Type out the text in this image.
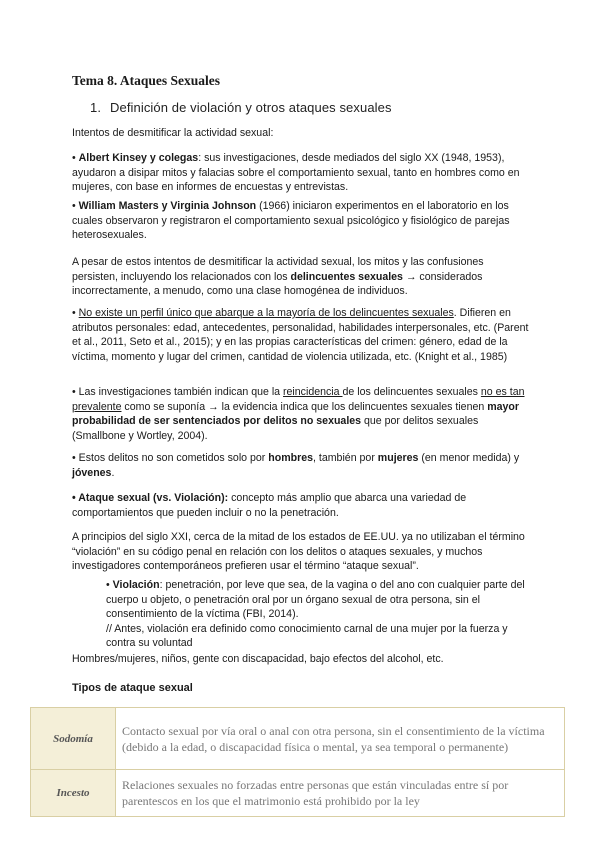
Tema 8. Ataques Sexuales
1. Definición de violación y otros ataques sexuales
Intentos de desmitificar la actividad sexual:
• Albert Kinsey y colegas: sus investigaciones, desde mediados del siglo XX (1948, 1953), ayudaron a disipar mitos y falacias sobre el comportamiento sexual, tanto en hombres como en mujeres, con base en informes de encuestas y entrevistas.
• William Masters y Virginia Johnson (1966) iniciaron experimentos en el laboratorio en los cuales observaron y registraron el comportamiento sexual psicológico y fisiológico de parejas heterosexuales.
A pesar de estos intentos de desmitificar la actividad sexual, los mitos y las confusiones persisten, incluyendo los relacionados con los delincuentes sexuales → considerados incorrectamente, a menudo, como una clase homogénea de individuos.
• No existe un perfil único que abarque a la mayoría de los delincuentes sexuales. Difieren en atributos personales: edad, antecedentes, personalidad, habilidades interpersonales, etc. (Parent et al., 2011, Seto et al., 2015); y en las propias características del crimen: género, edad de la víctima, momento y lugar del crimen, cantidad de violencia utilizada, etc. (Knight et al., 1985)
• Las investigaciones también indican que la reincidencia de los delincuentes sexuales no es tan prevalente como se suponía → la evidencia indica que los delincuentes sexuales tienen mayor probabilidad de ser sentenciados por delitos no sexuales que por delitos sexuales (Smallbone y Wortley, 2004).
• Estos delitos no son cometidos solo por hombres, también por mujeres (en menor medida) y jóvenes.
• Ataque sexual (vs. Violación): concepto más amplio que abarca una variedad de comportamientos que pueden incluir o no la penetración.
A principios del siglo XXI, cerca de la mitad de los estados de EE.UU. ya no utilizaban el término “violación” en su código penal en relación con los delitos o ataques sexuales, y muchos investigadores contemporáneos prefieren usar el término “ataque sexual”.
• Violación: penetración, por leve que sea, de la vagina o del ano con cualquier parte del cuerpo u objeto, o penetración oral por un órgano sexual de otra persona, sin el consentimiento de la víctima (FBI, 2014).
// Antes, violación era definido como conocimiento carnal de una mujer por la fuerza y contra su voluntad
Hombres/mujeres, niños, gente con discapacidad, bajo efectos del alcohol, etc.
Tipos de ataque sexual
Sodomía	Contacto sexual por vía oral o anal con otra persona, sin el consentimiento de la víctima (debido a la edad, o discapacidad física o mental, ya sea temporal o permanente)
Incesto	Relaciones sexuales no forzadas entre personas que están vinculadas entre sí por parentescos en los que el matrimonio está prohibido por la ley
